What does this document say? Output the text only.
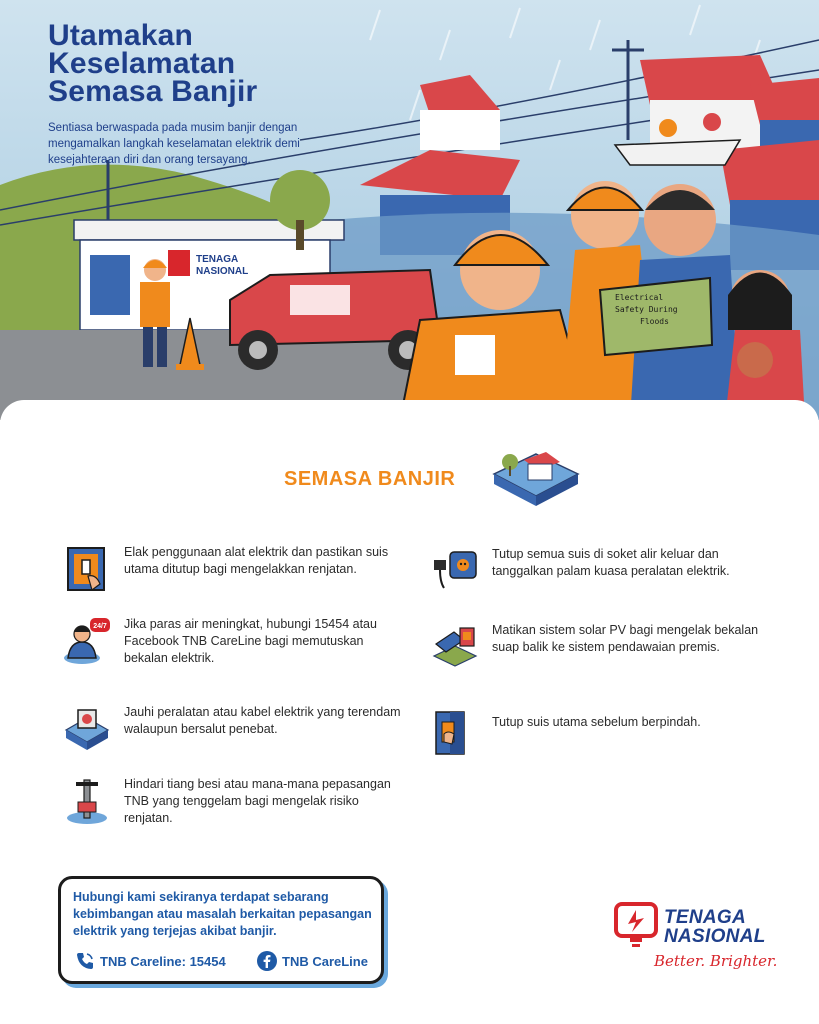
TENAGA
NASIONAL
Electrical
Safety During
Floods
Utamakan
Keselamatan
Semasa Banjir
Sentiasa berwaspada pada musim banjir dengan mengamalkan langkah keselamatan elektrik demi kesejahteraan diri dan orang tersayang.
SEMASA BANJIR
Elak penggunaan alat elektrik dan pastikan suis utama ditutup bagi mengelakkan renjatan.
24/7 Jika paras air meningkat, hubungi 15454 atau Facebook TNB CareLine bagi memutuskan bekalan elektrik.
Jauhi peralatan atau kabel elektrik yang terendam walaupun bersalut penebat.
Hindari tiang besi atau mana-mana pepasangan TNB yang tenggelam bagi mengelak risiko renjatan.
Tutup semua suis di soket alir keluar dan tanggalkan palam kuasa peralatan elektrik.
Matikan sistem solar PV bagi mengelak bekalan suap balik ke sistem pendawaian premis.
Tutup suis utama sebelum berpindah.
Hubungi kami sekiranya terdapat sebarang kebimbangan atau masalah berkaitan pepasangan elektrik yang terjejas akibat banjir.
TNB Careline: 15454	TNB CareLine
TENAGA
NASIONAL
Better. Brighter.
